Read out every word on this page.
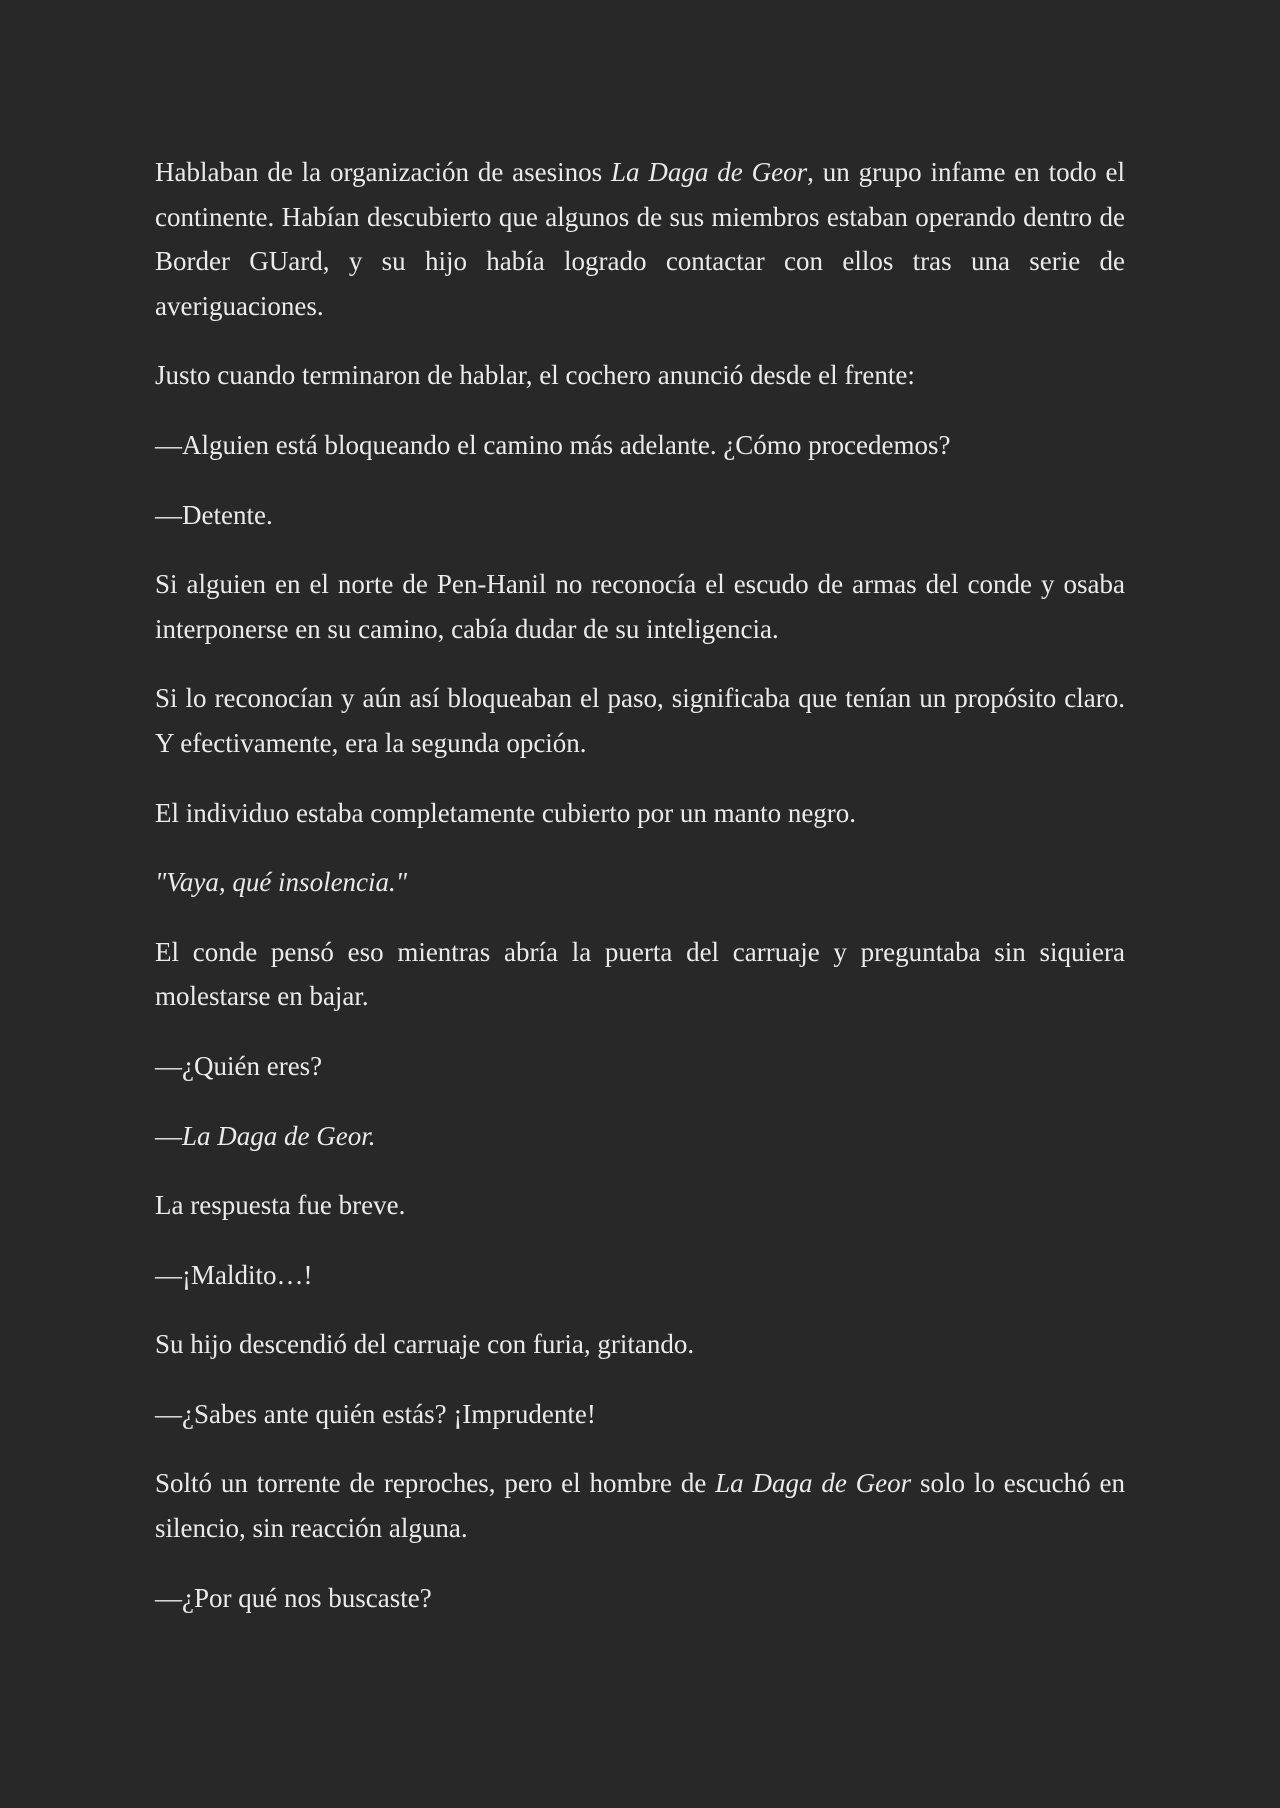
Hablaban de la organización de asesinos La Daga de Geor, un grupo infame en todo el continente. Habían descubierto que algunos de sus miembros estaban operando dentro de Border GUard, y su hijo había logrado contactar con ellos tras una serie de averiguaciones.

Justo cuando terminaron de hablar, el cochero anunció desde el frente:

—Alguien está bloqueando el camino más adelante. ¿Cómo procedemos?

—Detente.

Si alguien en el norte de Pen-Hanil no reconocía el escudo de armas del conde y osaba interponerse en su camino, cabía dudar de su inteligencia.

Si lo reconocían y aún así bloqueaban el paso, significaba que tenían un propósito claro. Y efectivamente, era la segunda opción.

El individuo estaba completamente cubierto por un manto negro.

"Vaya, qué insolencia."

El conde pensó eso mientras abría la puerta del carruaje y preguntaba sin siquiera molestarse en bajar.

—¿Quién eres?

—La Daga de Geor.

La respuesta fue breve.

—¡Maldito…!

Su hijo descendió del carruaje con furia, gritando.

—¿Sabes ante quién estás? ¡Imprudente!

Soltó un torrente de reproches, pero el hombre de La Daga de Geor solo lo escuchó en silencio, sin reacción alguna.

—¿Por qué nos buscaste?
